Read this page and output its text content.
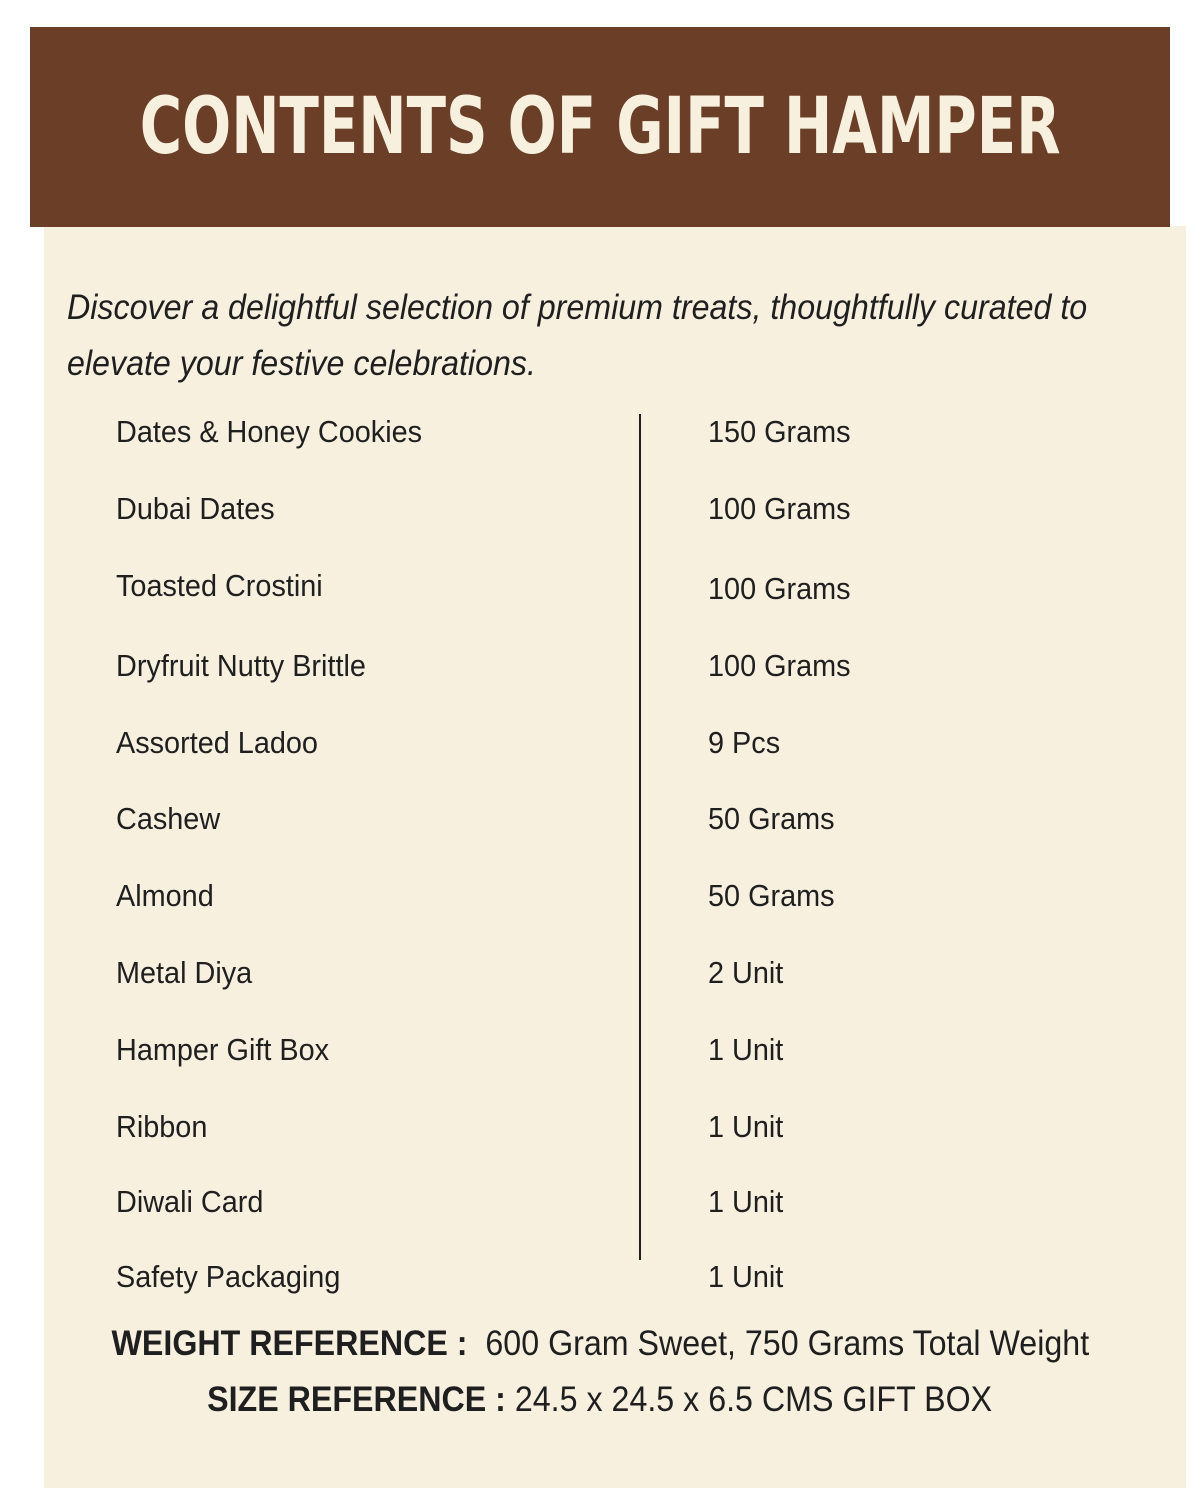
CONTENTS OF GIFT HAMPER

Discover a delightful selection of premium treats, thoughtfully curated to elevate your festive celebrations.

Dates & Honey Cookies	150 Grams
Dubai Dates	100 Grams
Toasted Crostini	100 Grams
Dryfruit Nutty Brittle	100 Grams
Assorted Ladoo	9 Pcs
Cashew	50 Grams
Almond	50 Grams
Metal Diya	2 Unit
Hamper Gift Box	1 Unit
Ribbon	1 Unit
Diwali Card	1 Unit
Safety Packaging	1 Unit
WEIGHT REFERENCE : 600 Gram Sweet, 750 Grams Total Weight
SIZE REFERENCE : 24.5 x 24.5 x 6.5 CMS GIFT BOX
